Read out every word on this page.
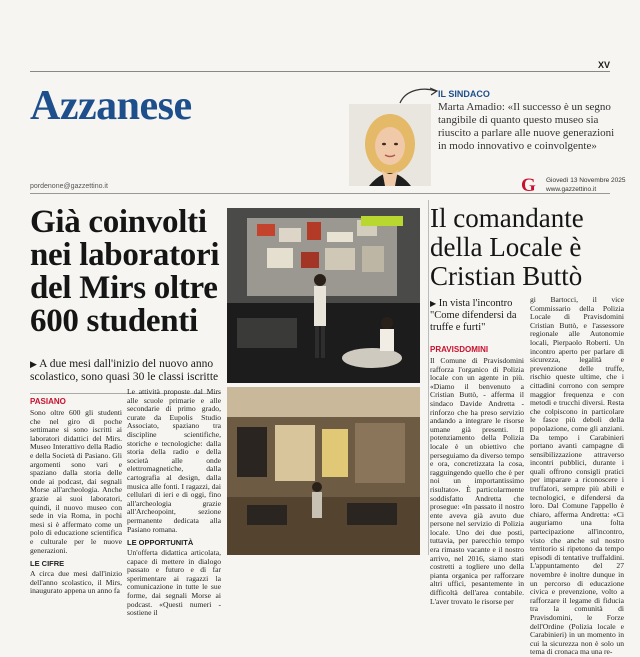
XV
Azzanese	IL SINDACO
Marta Amadio: «Il successo è un segno tangibile di quanto questo museo sia riuscito a parlare alle nuove generazioni in modo innovativo e coinvolgente»
pordenone@gazzettino.it	G Giovedì 13 Novembre 2025
www.gazzettino.it
Già coinvolti nei laboratori del Mirs oltre 600 studenti
▶ A due mesi dall'inizio del nuovo anno scolastico, sono quasi 30 le classi iscritte
PASIANO
Sono oltre 600 gli studenti che nel giro di poche settimane si sono iscritti ai laboratori didattici del Mirs. Museo Interattivo della Radio e della Società di Pasiano. Gli argomenti sono vari e spaziano dalla storia delle onde ai podcast, dai segnali Morse all'archeologia. Anche grazie ai suoi laboratori, quindi, il nuovo museo con sede in via Roma, in pochi mesi si è affermato come un polo di educazione scientifica e culturale per le nuove generazioni.
LE CIFRE
A circa due mesi dall'inizio dell'anno scolastico, il Mirs, inaugurato appena un anno fa
Le attività proposte dal Mirs alle scuole primarie e alle secondarie di primo grado, curate da Eupolis Studio Associato, spaziano tra discipline scientifiche, storiche e tecnologiche: dalla storia della radio e della società alle onde elettromagnetiche, dalla cartografia al design, dalla musica alle fonti. I ragazzi, dai cellulari di ieri e di oggi, fino all'archeologia grazie all'Archeopoint, sezione permanente dedicata alla Pasiano romana.
LE OPPORTUNITÀ
Un'offerta didattica articolata, capace di mettere in dialogo passato e futuro e di far sperimentare ai ragazzi la comunicazione in tutte le sue forme, dai segnali Morse ai podcast. «Questi numeri - sostiene il
Il comandante della Locale è Cristian Buttò
▶ In vista l'incontro "Come difendersi da truffe e furti"
PRAVISDOMINI
Il Comune di Pravisdomini rafforza l'organico di Polizia locale con un agente in più. «Diamo il benvenuto a Cristian Buttò, - afferma il sindaco Davide Andretta - rinforzo che ha preso servizio andando a integrare le risorse umane già presenti. Il potenziamento della Polizia locale è un obiettivo che perseguiamo da diverso tempo e ora, concretizzata la cosa, ragguingendo quello che è per noi un importantissimo risultato». È particolarmente soddisfatto Andretta che prosegue: «In passato il nostro ente aveva già avuto due persone nel servizio di Polizia locale. Uno dei due posti, tuttavia, per parecchio tempo era rimasto vacante e il nostro arrivo, nel 2016, siamo stati costretti a togliere uno della pianta organica per rafforzare altri uffici, pesantemente in difficoltà dell'area contabile. L'aver trovato le risorse per
gi Bartocci, il vice Commissario della Polizia Locale di Pravisdomini Cristian Buttò, e l'assessore regionale alle Autonomie locali, Pierpaolo Roberti. Un incontro aperto per parlare di sicurezza, legalità e prevenzione delle truffe, rischio queste ultime, che i cittadini corrono con sempre maggior frequenza e con metodi e trucchi diversi. Resta che colpiscono in particolare le fasce più deboli della popolazione, come gli anziani. Da tempo i Carabinieri portano avanti campagne di sensibilizzazione attraverso incontri pubblici, durante i quali offrono consigli pratici per imparare a riconoscere i truffatori, sempre più abili e tecnologici, e difendersi da loro. Dal Comune l'appello è chiaro, afferma Andretta: «Ci auguriamo una folta partecipazione all'incontro, visto che anche sul nostro territorio si ripetono da tempo episodi di tentative truffaldini. L'appuntamento del 27 novembre è inoltre dunque in un percorso di educazione civica e prevenzione, volto a rafforzare il legame di fiducia tra la comunità di Pravisdomini, le Forze dell'Ordine (Polizia locale e Carabinieri) in un momento in cui la sicurezza non è solo un tema di cronaca ma una re-
